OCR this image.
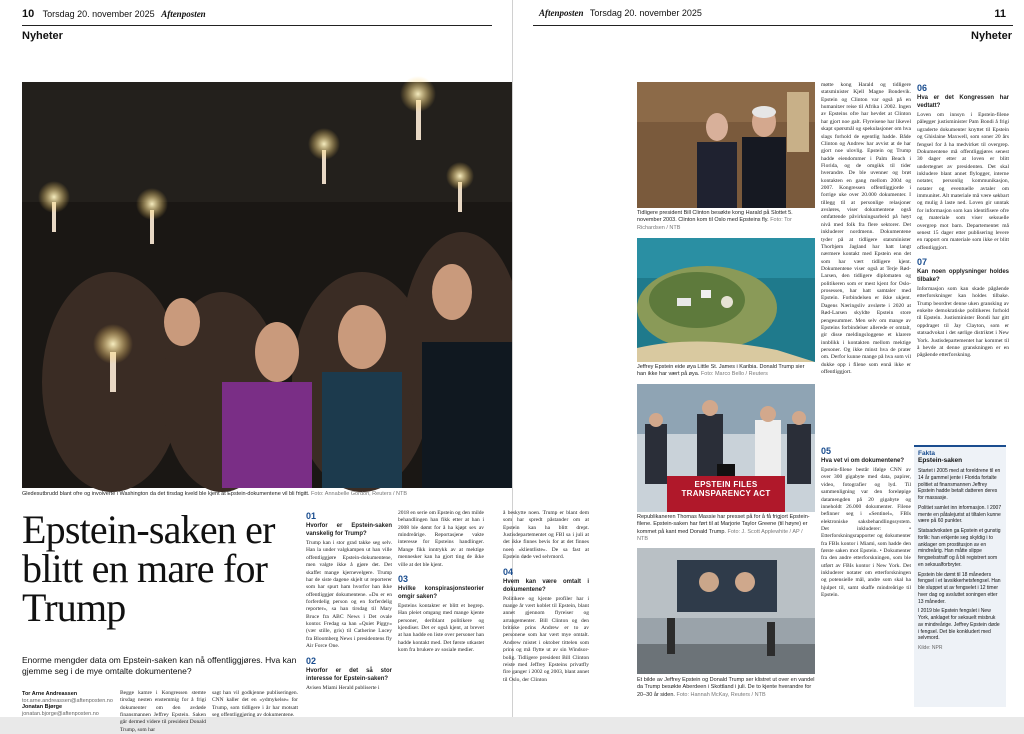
10 Torsdag 20. november 2025 Aftenposten
Nyheter
Gledesutbrudd blant ofre og involverte i Washington da det tirsdag kveld ble kjent at Epstein-dokumentene vil bli frigitt. Foto: Annabelle Gordon, Reuters / NTB
Epstein-saken er blitt en mare for Trump
Enorme mengder data om Epstein-saken kan nå offentliggjøres. Hva kan gjemme seg i de mye omtalte dokumentene?
Tor Arne Andreassen
tor.arne.andreassen@aftenposten.no
Jonatan Bjørge
jonatan.bjorge@aftenposten.no
Begge kamre i Kongressen stemte tirsdag nesten enstemmig for å frigi dokumenter om den avdøde finansmannen Jeffrey Epstein. Saken går dermed videre til president Donald Trump, som har
sagt han vil godkjenne publiseringen. CNN kaller det en «ydmykelse» for Trump, som tidligere i år har motsatt seg offentliggjøring av dokumentene.
01
Hvorfor er Epstein-saken vanskelig for Trump?

Trump kan i stor grad takke seg selv. Han la under valgkampen ut han ville offentliggjøre Epstein-dokumentene, men valgte ikke å gjøre det. Det skaffet mange kjernevelgere. Trump har de siste dagene skjelt ut reporterer som har spurt ham hvorfor han ikke offentliggjør dokumentene. «Du er en forferdelig person og en forferdelig reporter», sa han tirsdag til Mary Bruce fra ABC News i Det ovale kontor. Fredag sa han «Quiet Piggy» (vær stille, gris) til Catherine Lucey fra Bloomberg News i presidentens fly Air Force One.

02
Hvorfor er det så stor interesse for Epstein-saken?

Avisen Miami Herald publiserte i

2018 en serie om Epstein og den milde behandlingen han fikk etter at han i 2008 ble dømt for å ha kjøpt sex av mindreårige. Reportasjene vakte interesse for Epsteins handlinger. Mange fikk inntrykk av at mektige mennesker kan ha gjort ting de ikke ville at det ble kjent.

03
Hvilke konspirasjonsteorier omgir saken?

Epsteins kontakter er blitt et begrep. Han pleiet omgang med mange kjente personer, deriblant politikere og kjendiser. Det er også kjent, at brevet at han hadde en liste over personer han hadde kontakt med. Det første utkastet kom fra brukere av sosiale medier.

Aftenposten Torsdag 20. november 2025	11
Nyheter

å beskytte noen. Trump er blant dem som har spredt påstander om at Epstein kan ha blitt drept. Justisdepartementet og FBI sa i juli at det ikke finnes bevis for at det finnes noen «klientliste». De sa fast at Epstein døde ved selvmord.

04
Hvem kan være omtalt i dokumentene?

Politikere og kjente profiler har i mange år vært koblet til Epstein, blant annet gjennom flyreiser og arrangementer. Bill Clinton og den britiske prins Andrew er to av personene som har vært mye omtalt. Andrew mistet i oktober tittelen som prins og må flytte ut av sin Windsor-bolig. Tidligere president Bill Clinton reiste med Jeffrey Epsteins privatfly fire ganger i 2002 og 2003, blant annet til Oslo, der Clinton

Tidligere president Bill Clinton besøkte kong Harald på Slottet 5. november 2003. Clinton kom til Oslo med Epsteins fly. Foto: Tor Richardsen / NTB
Jeffrey Epstein eide øya Little St. James i Karibia. Donald Trump sier han ikke har vært på øya. Foto: Marco Bello / Reuters
EPSTEIN FILES
TRANSPARENCY ACT
Republikaneren Thomas Massie har presset på for å få frigjort Epstein-filene. Epstein-saken har ført til at Marjorie Taylor Greene (til høyre) er kommet på kant med Donald Trump. Foto: J. Scott Applewhite / AP / NTB
Et bilde av Jeffrey Epstein og Donald Trump ser klistret ut over en vandel da Trump besøkte Aberdeen i Skottland i juli. De to kjente hverandre for 20–30 år siden. Foto: Hannah McKay, Reuters / NTB
møtte kong Harald og tidligere statsminister Kjell Magne Bondevik. Epstein og Clinton var også på en humanitær reise til Afrika i 2002. Ingen av Epsteins ofre har hevdet at Clinton har gjort noe galt. Flyreisene har likevel skapt spørsmål og spekulasjoner om hva slags forhold de egentlig hadde. Både Clinton og Andrew har avvist at de har gjort noe ulovlig. Epstein og Trump hadde eiendommer i Palm Beach i Florida, og de omgikk til tider hverandre. De ble uvenner og brøt kontakten en gang mellom 2004 og 2007. Kongressen offentliggjorde i forrige uke over 20.000 dokumenter. I tillegg til at personlige relasjoner avsløres, viser dokumentene også omfattende påvirkningsarbeid på høyt nivå med folk fra flere sektorer. Det inkluderer nordmenn. Dokumentene tyder på at tidligere statsminister Thorbjørn Jagland har hatt langt nærmere kontakt med Epstein enn det som har vært tidligere kjent. Dokumentene viser også at Terje Rød-Larsen, den tidligere diplomaten og politikeren som er mest kjent for Oslo-prosessen, har hatt samtaler med Epstein. Forbindelsen er ikke ukjent. Dagens Næringsliv avslørte i 2020 at Rød-Larsen skyldte Epstein store pengesummer. Men selv om mange av Epsteins forbindelser allerede er omtalt, gir disse meldingsloggene et klarere innblikk i kontakten mellom mektige personer. Og ikke minst hva de prater om. Derfor kunne mange på hva som vil dukke opp i filene som ennå ikke er offentliggjort.
05
Hva vet vi om dokumentene?

Epstein-filene består ifølge CNN av over 300 gigabyte med data, papirer, video, fotografier og lyd. Til sammenligning var den foreløpige datamengden på 20 gigabyte og inneholdt 26.000 dokumenter. Filene befinner seg i «Sentinel», FBIs elektroniske saksbehandlingssystem. Det inkluderer: • Etterforskningsrapporter og dokumenter fra FBIs kontor i Miami, som hadde den første saken mot Epstein. • Dokumenter fra den andre etterforskningen, som ble utført av FBIs kontor i New York. Det inkluderer notater om etterforskningen og potensielle mål, andre som skal ha hjulpet til, samt skaffe mindreårige til Epstein.

06
Hva er det Kongressen har vedtatt?

Loven om innsyn i Epstein-filene pålegger justisminister Pam Bondi å frigi ugraderte dokumenter knyttet til Epstein og Ghislaine Maxwell, som soner 20 års fengsel for å ha medvirket til overgrep. Dokumentene må offentliggjøres senest 30 dager etter at loven er blitt undertegnet av presidenten. Det skal inkludere blant annet flylogger, interne notater, personlig kommunikasjon, notater og eventuelle avtaler om immunitet. Alt materiale må være søkbart og mulig å laste ned. Loven gir unntak for informasjon som kan identifisere ofre og materiale som viser seksuelle overgrep mot barn. Departementet må senest 15 dager etter publisering levere en rapport om materiale som ikke er blitt offentliggjort.

07
Kan noen opplysninger holdes tilbake?

Informasjon som kan skade pågående etterforskninger kan holdes tilbake. Trump beordret denne uken gransking av enkelte demokratiske politikeres forhold til Epstein. Justisminister Bondi har gitt oppdraget til Jay Clayton, som er statsadvokat i det sørlige distriktet i New York. Justisdepartementet har kommet til å hevde at denne granskningen er en pågående etterforskning.

Fakta
Epstein-saken

Startet i 2005 med at foreldrene til en 14 år gammel jente i Florida fortalte politiet at finansmannen Jeffrey Epstein hadde betalt datteren deres for massasje.

Politiet samlet inn informasjon. I 2007 mente en påtalejurist at tiltalen kunne være på 60 punkter.

Statsadvokaten ga Epstein et gunstig forlik: han erkjente seg skyldig i to anklager om prostitusjon av en mindreårig. Han måtte slippe fengselsstraff og å bli registrert som en seksualforbryter.

Epstein ble dømt til 18 måneders fengsel i et lavsikkerhetsfengsel. Han ble sluppet ut av fengselet i 12 timer hver dag og avsluttet soningen etter 13 måneder.

I 2019 ble Epstein fengslet i New York, anklaget for seksuelt misbruk av mindreårige. Jeffrey Epstein døde i fengsel. Det ble konkludert med selvmord.

Kilde: NPR
